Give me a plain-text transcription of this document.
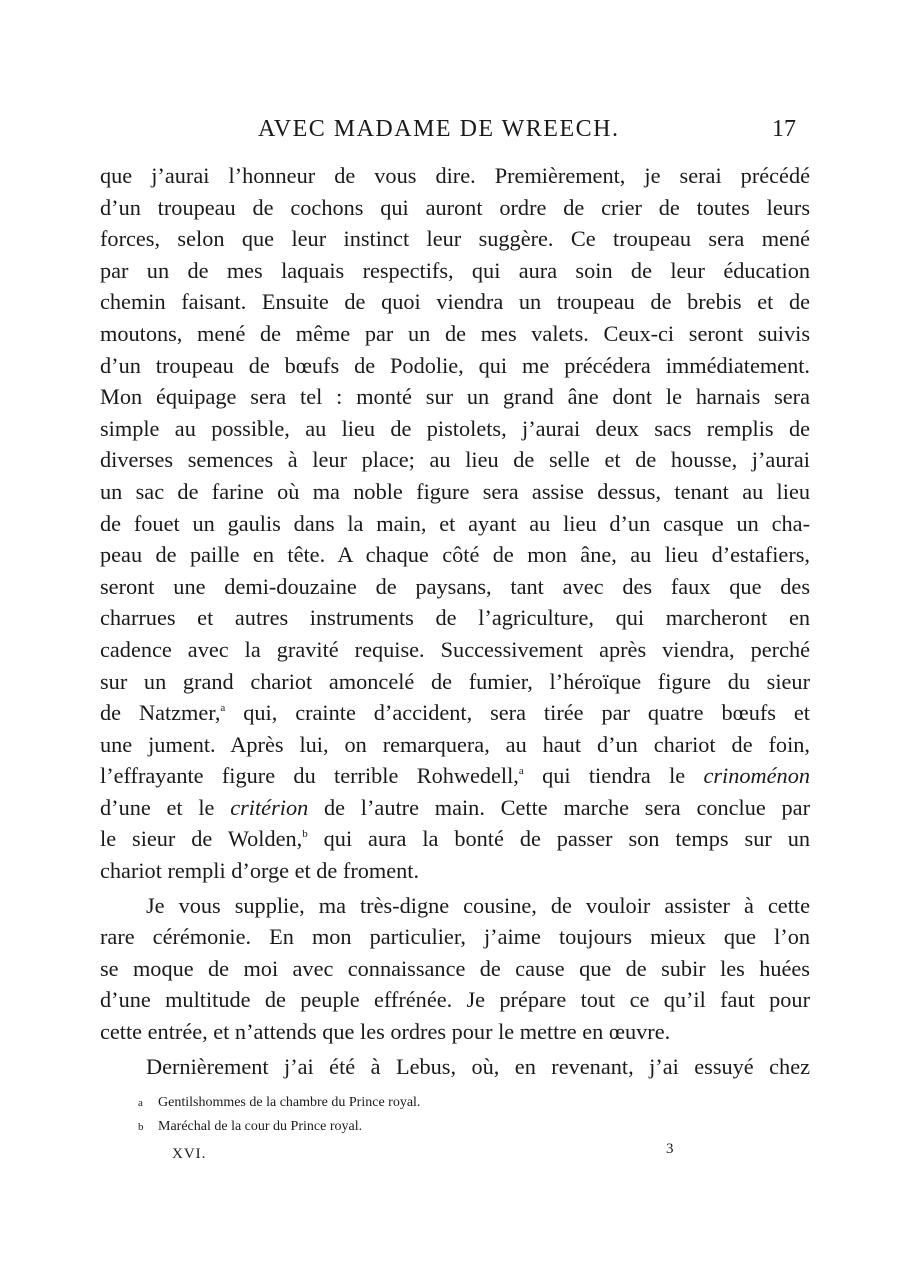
AVEC MADAME DE WREECH.	17

que j’aurai l’honneur de vous dire. Premièrement, je serai précédé
d’un troupeau de cochons qui auront ordre de crier de toutes leurs
forces, selon que leur instinct leur suggère. Ce troupeau sera mené
par un de mes laquais respectifs, qui aura soin de leur éducation
chemin faisant. Ensuite de quoi viendra un troupeau de brebis et de
moutons, mené de même par un de mes valets. Ceux-ci seront suivis
d’un troupeau de bœufs de Podolie, qui me précédera immédiatement.
Mon équipage sera tel : monté sur un grand âne dont le harnais sera
simple au possible, au lieu de pistolets, j’aurai deux sacs remplis de
diverses semences à leur place; au lieu de selle et de housse, j’aurai
un sac de farine où ma noble figure sera assise dessus, tenant au lieu
de fouet un gaulis dans la main, et ayant au lieu d’un casque un cha-
peau de paille en tête. A chaque côté de mon âne, au lieu d’estafiers,
seront une demi-douzaine de paysans, tant avec des faux que des
charrues et autres instruments de l’agriculture, qui marcheront en
cadence avec la gravité requise. Successivement après viendra, perché
sur un grand chariot amoncelé de fumier, l’héroïque figure du sieur
de Natzmer,$^a$ qui, crainte d’accident, sera tirée par quatre bœufs et
une jument. Après lui, on remarquera, au haut d’un chariot de foin,
l’effrayante figure du terrible Rohwedell,$^a$ qui tiendra le crinoménon
d’une et le critérion de l’autre main. Cette marche sera conclue par
le sieur de Wolden,$^b$ qui aura la bonté de passer son temps sur un
chariot rempli d’orge et de froment.

Je vous supplie, ma très-digne cousine, de vouloir assister à cette
rare cérémonie. En mon particulier, j’aime toujours mieux que l’on
se moque de moi avec connaissance de cause que de subir les huées
d’une multitude de peuple effrénée. Je prépare tout ce qu’il faut pour
cette entrée, et n’attends que les ordres pour le mettre en œuvre.

Dernièrement j’ai été à Lebus, où, en revenant, j’ai essuyé chez

a Gentilshommes de la chambre du Prince royal.
b Maréchal de la cour du Prince royal.
XVI.	3
